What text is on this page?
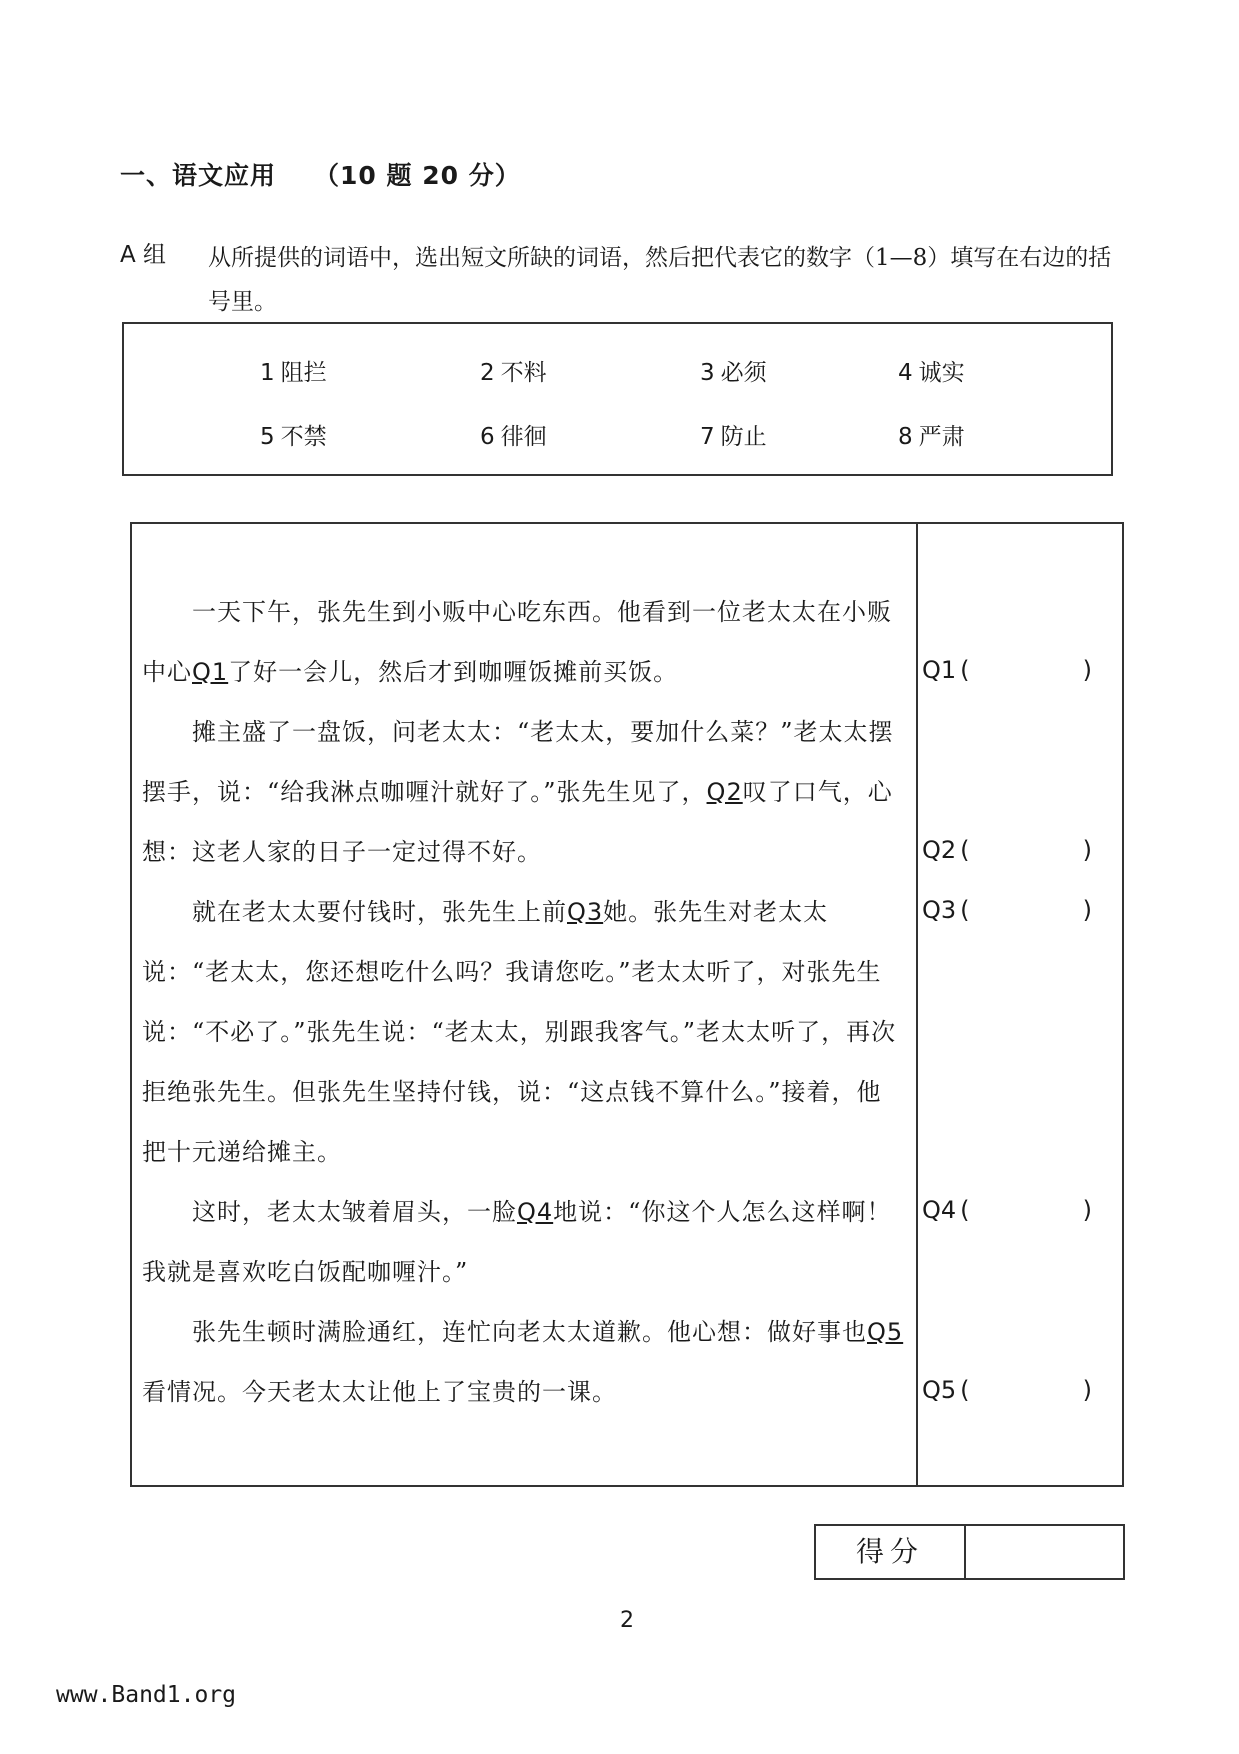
一、语文应用 （10 题 20 分）
A 组 从所提供的词语中，选出短文所缺的词语，然后把代表它的数字（1—8）填写在右边的括号里。
1 阻拦	2 不料	3 必须	4 诚实
5 不禁	6 徘徊	7 防止	8 严肃
　　一天下午，张先生到小贩中心吃东西。他看到一位老太太在小贩中心Q1了好一会儿，然后才到咖喱饭摊前买饭。
　　摊主盛了一盘饭，问老太太：“老太太，要加什么菜？”老太太摆摆手，说：“给我淋点咖喱汁就好了。”张先生见了，Q2叹了口气，心想：这老人家的日子一定过得不好。
　　就在老太太要付钱时，张先生上前Q3她。张先生对老太太说：“老太太，您还想吃什么吗？我请您吃。”老太太听了，对张先生说：“不必了。”张先生说：“老太太，别跟我客气。”老太太听了，再次拒绝张先生。但张先生坚持付钱，说：“这点钱不算什么。”接着，他把十元递给摊主。
　　这时，老太太皱着眉头，一脸Q4地说：“你这个人怎么这样啊！我就是喜欢吃白饭配咖喱汁。”
　　张先生顿时满脸通红，连忙向老太太道歉。他心想：做好事也Q5看情况。今天老太太让他上了宝贵的一课。
Q1 (	)
Q2 (	)
Q3 (	)
Q4 (	)
Q5 (	)
得分
2
www.Band1.org
